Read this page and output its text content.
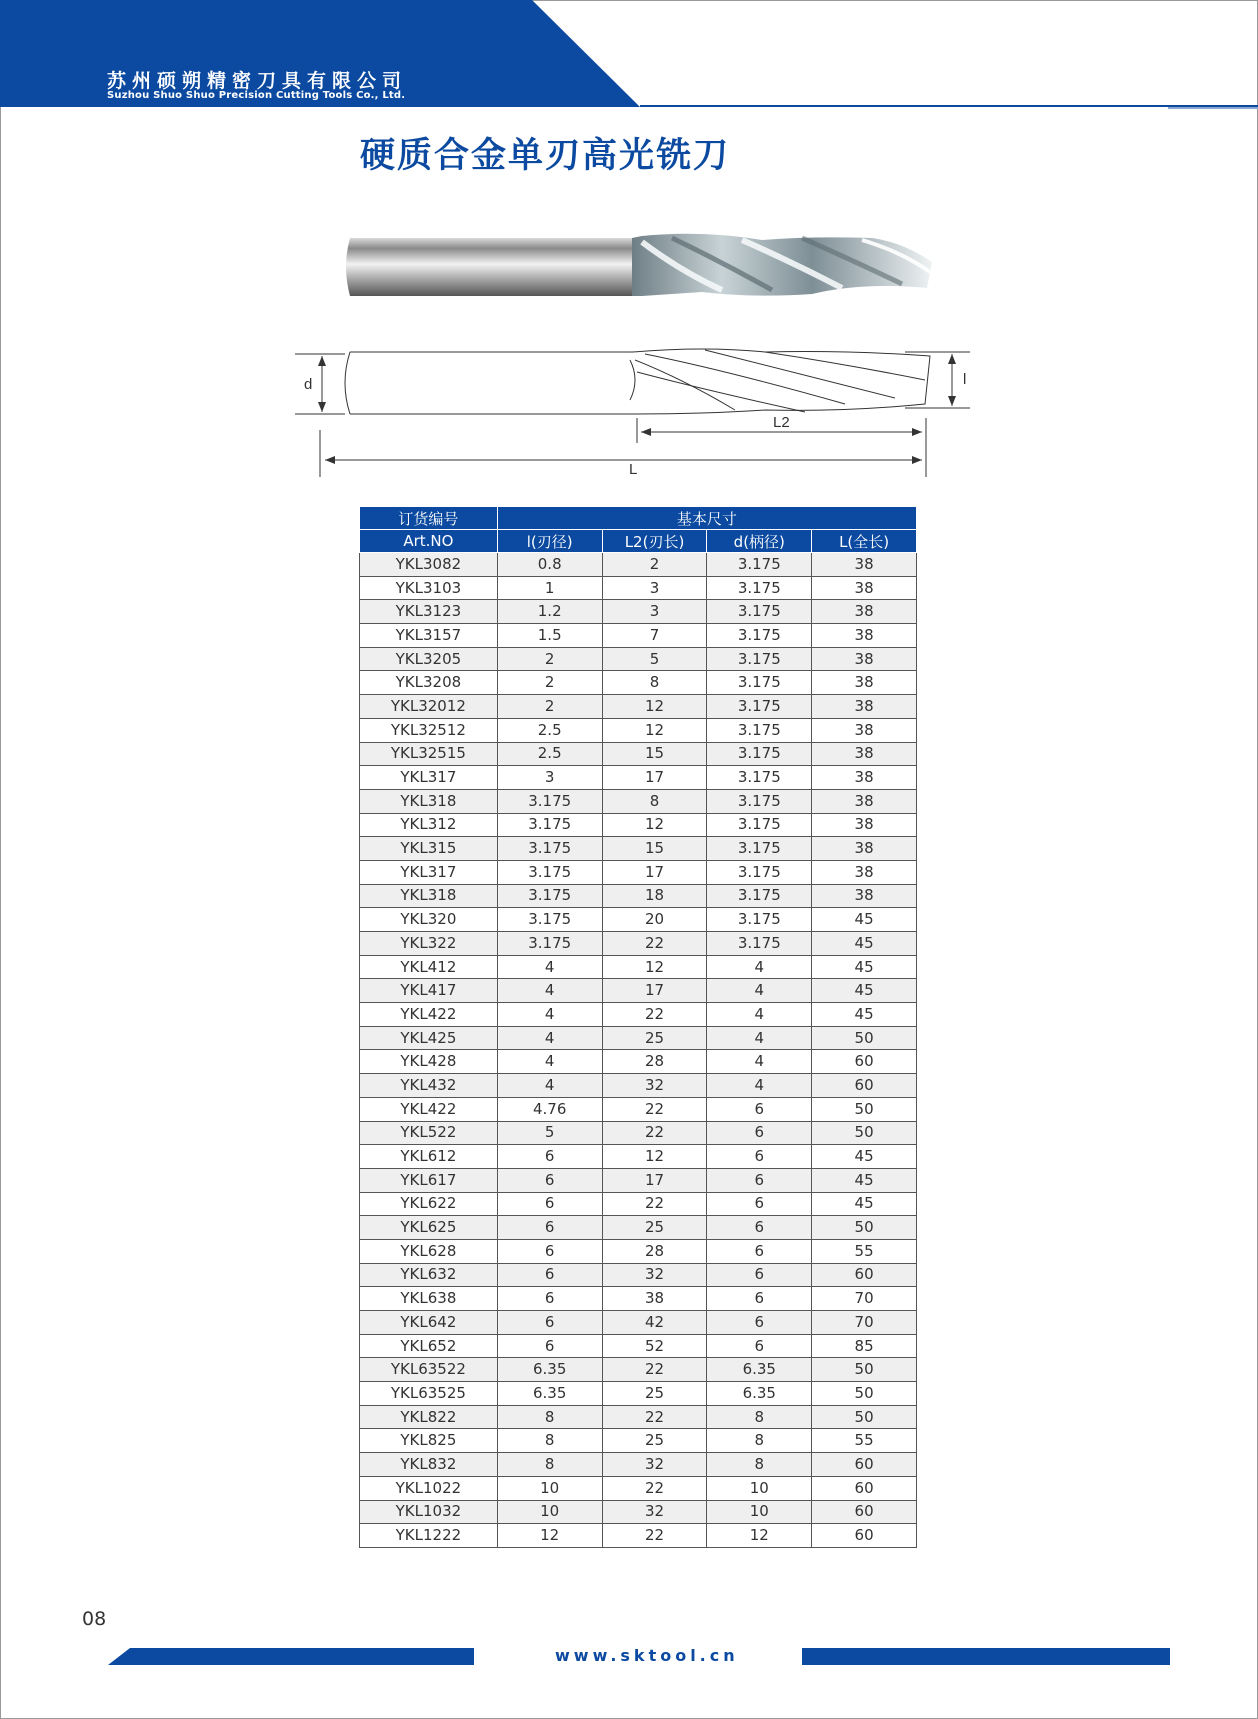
苏州硕朔精密刀具有限公司
Suzhou Shuo Shuo Precision Cutting Tools Co., Ltd.
硬质合金单刃高光铣刀
d	l
L2
L
订货编号	基本尺寸			
Art.NO	l(刃径)	L2(刃长)	d(柄径)	L(全长)
YKL3082	0.8	2	3.175	38
YKL3103	1	3	3.175	38
YKL3123	1.2	3	3.175	38
YKL3157	1.5	7	3.175	38
YKL3205	2	5	3.175	38
YKL3208	2	8	3.175	38
YKL32012	2	12	3.175	38
YKL32512	2.5	12	3.175	38
YKL32515	2.5	15	3.175	38
YKL317	3	17	3.175	38
YKL318	3.175	8	3.175	38
YKL312	3.175	12	3.175	38
YKL315	3.175	15	3.175	38
YKL317	3.175	17	3.175	38
YKL318	3.175	18	3.175	38
YKL320	3.175	20	3.175	45
YKL322	3.175	22	3.175	45
YKL412	4	12	4	45
YKL417	4	17	4	45
YKL422	4	22	4	45
YKL425	4	25	4	50
YKL428	4	28	4	60
YKL432	4	32	4	60
YKL422	4.76	22	6	50
YKL522	5	22	6	50
YKL612	6	12	6	45
YKL617	6	17	6	45
YKL622	6	22	6	45
YKL625	6	25	6	50
YKL628	6	28	6	55
YKL632	6	32	6	60
YKL638	6	38	6	70
YKL642	6	42	6	70
YKL652	6	52	6	85
YKL63522	6.35	22	6.35	50
YKL63525	6.35	25	6.35	50
YKL822	8	22	8	50
YKL825	8	25	8	55
YKL832	8	32	8	60
YKL1022	10	22	10	60
YKL1032	10	32	10	60
YKL1222	12	22	12	60
08
www.sktool.cn
